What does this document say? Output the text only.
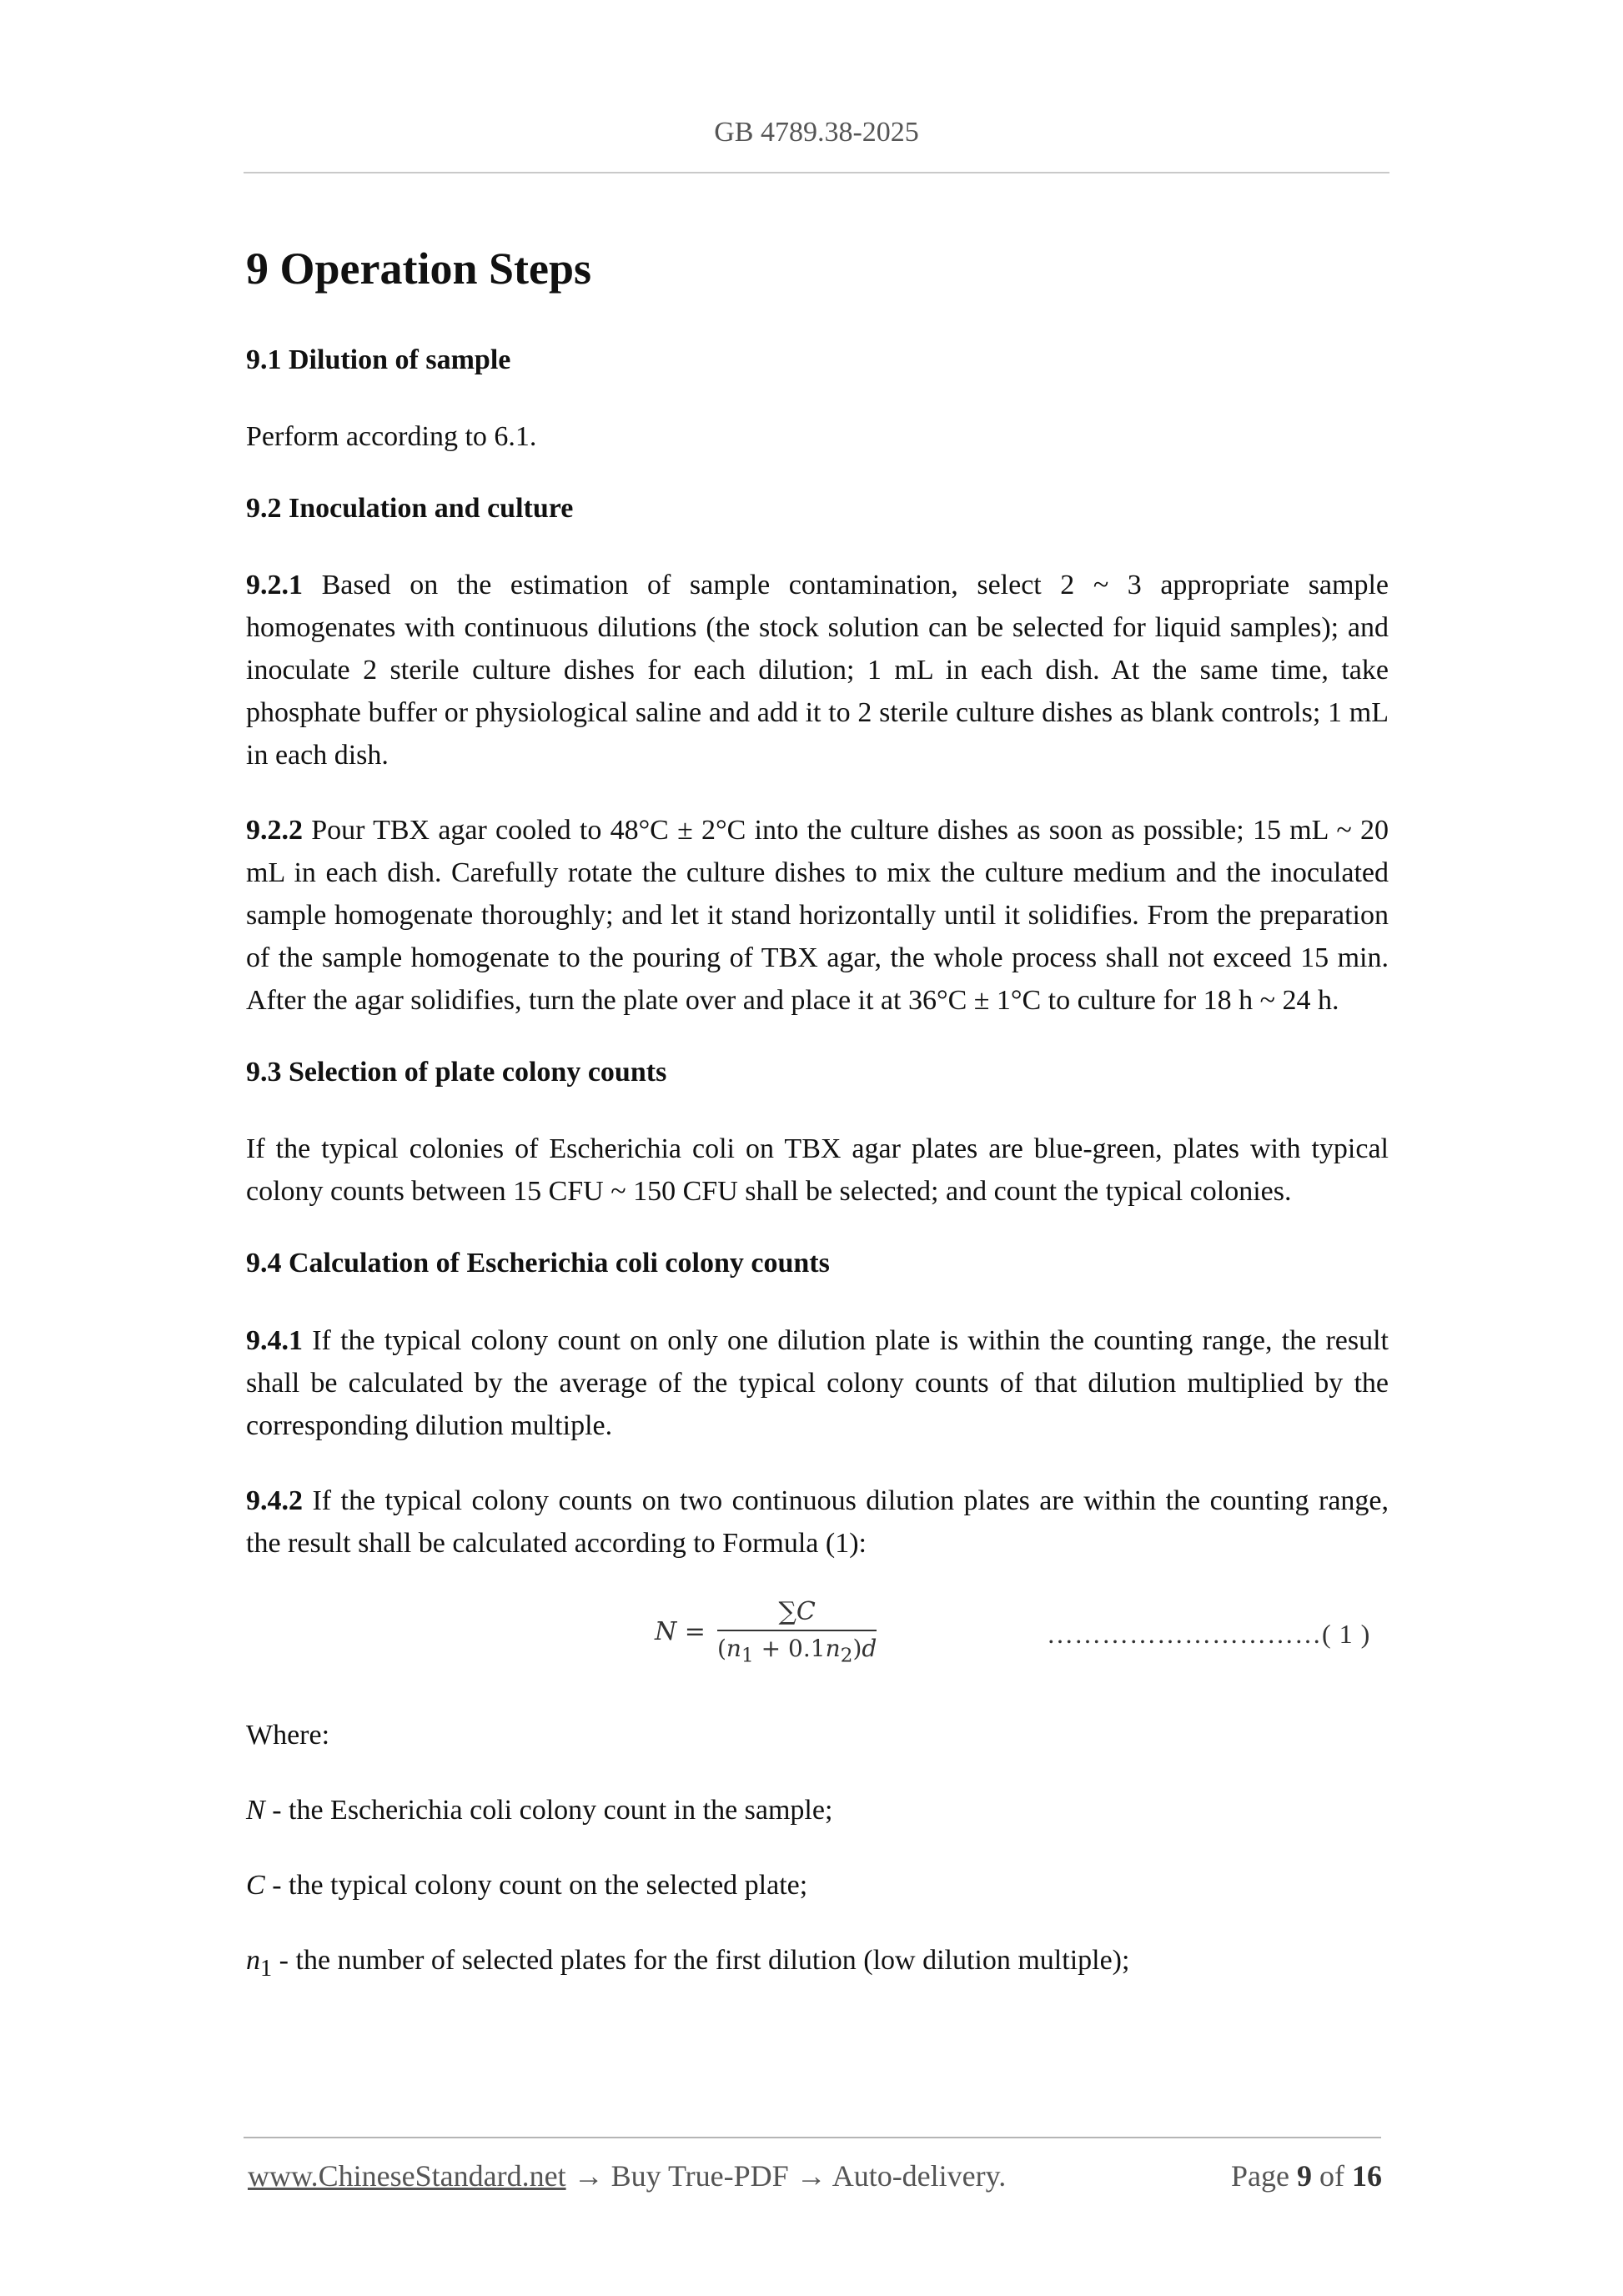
GB 4789.38-2025
9 Operation Steps
9.1 Dilution of sample

Perform according to 6.1.

9.2 Inoculation and culture

9.2.1 Based on the estimation of sample contamination, select 2 ~ 3 appropriate sample homogenates with continuous dilutions (the stock solution can be selected for liquid samples); and inoculate 2 sterile culture dishes for each dilution; 1 mL in each dish. At the same time, take phosphate buffer or physiological saline and add it to 2 sterile culture dishes as blank controls; 1 mL in each dish.

9.2.2 Pour TBX agar cooled to 48°C ± 2°C into the culture dishes as soon as possible; 15 mL ~ 20 mL in each dish. Carefully rotate the culture dishes to mix the culture medium and the inoculated sample homogenate thoroughly; and let it stand horizontally until it solidifies. From the preparation of the sample homogenate to the pouring of TBX agar, the whole process shall not exceed 15 min. After the agar solidifies, turn the plate over and place it at 36°C ± 1°C to culture for 18 h ~ 24 h.

9.3 Selection of plate colony counts

If the typical colonies of Escherichia coli on TBX agar plates are blue-green, plates with typical colony counts between 15 CFU ~ 150 CFU shall be selected; and count the typical colonies.

9.4 Calculation of Escherichia coli colony counts

9.4.1 If the typical colony count on only one dilution plate is within the counting range, the result shall be calculated by the average of the typical colony counts of that dilution multiplied by the corresponding dilution multiple.

9.4.2 If the typical colony counts on two continuous dilution plates are within the counting range, the result shall be calculated according to Formula (1):

$N = \frac{\sum C}{(n_1 + 0.1n_2)d}$	…………………………( 1 )

Where:

N - the Escherichia coli colony count in the sample;

C - the typical colony count on the selected plate;

$n_1$ - the number of selected plates for the first dilution (low dilution multiple);

www.ChineseStandard.net → Buy True-PDF → Auto-delivery.	Page 9 of 16
